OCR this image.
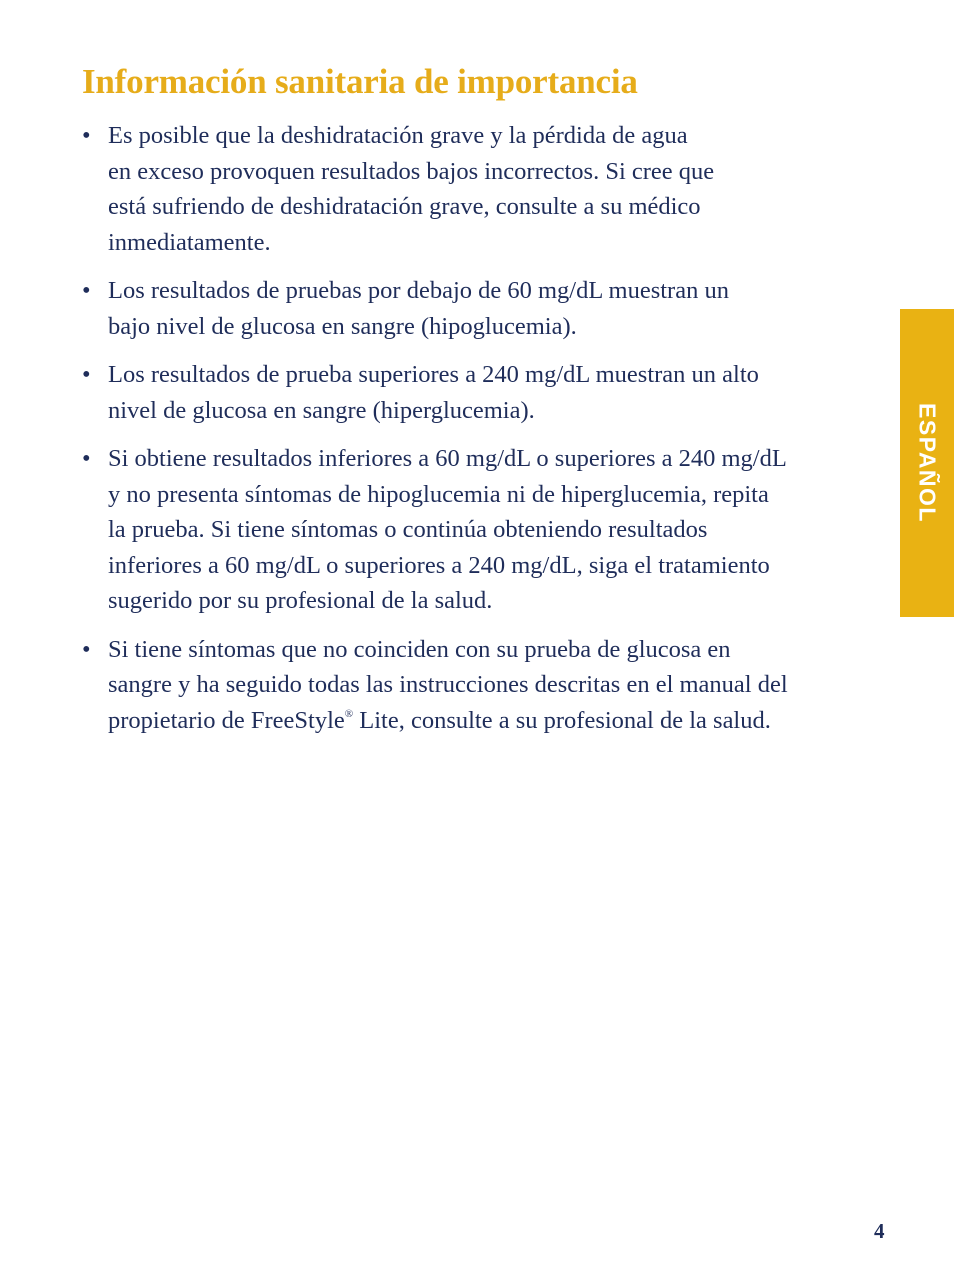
Información sanitaria de importancia
• Es posible que la deshidratación grave y la pérdida de agua
en exceso provoquen resultados bajos incorrectos. Si cree que
está sufriendo de deshidratación grave, consulte a su médico
inmediatamente.
• Los resultados de pruebas por debajo de 60 mg/dL muestran un
bajo nivel de glucosa en sangre (hipoglucemia).
• Los resultados de prueba superiores a 240 mg/dL muestran un alto
nivel de glucosa en sangre (hiperglucemia).
• Si obtiene resultados inferiores a 60 mg/dL o superiores a 240 mg/dL
y no presenta síntomas de hipoglucemia ni de hiperglucemia, repita
la prueba. Si tiene síntomas o continúa obteniendo resultados
inferiores a 60 mg/dL o superiores a 240 mg/dL, siga el tratamiento
sugerido por su profesional de la salud.
• Si tiene síntomas que no coinciden con su prueba de glucosa en
sangre y ha seguido todas las instrucciones descritas en el manual del
propietario de FreeStyle® Lite, consulte a su profesional de la salud.
ESPAÑOL
4
